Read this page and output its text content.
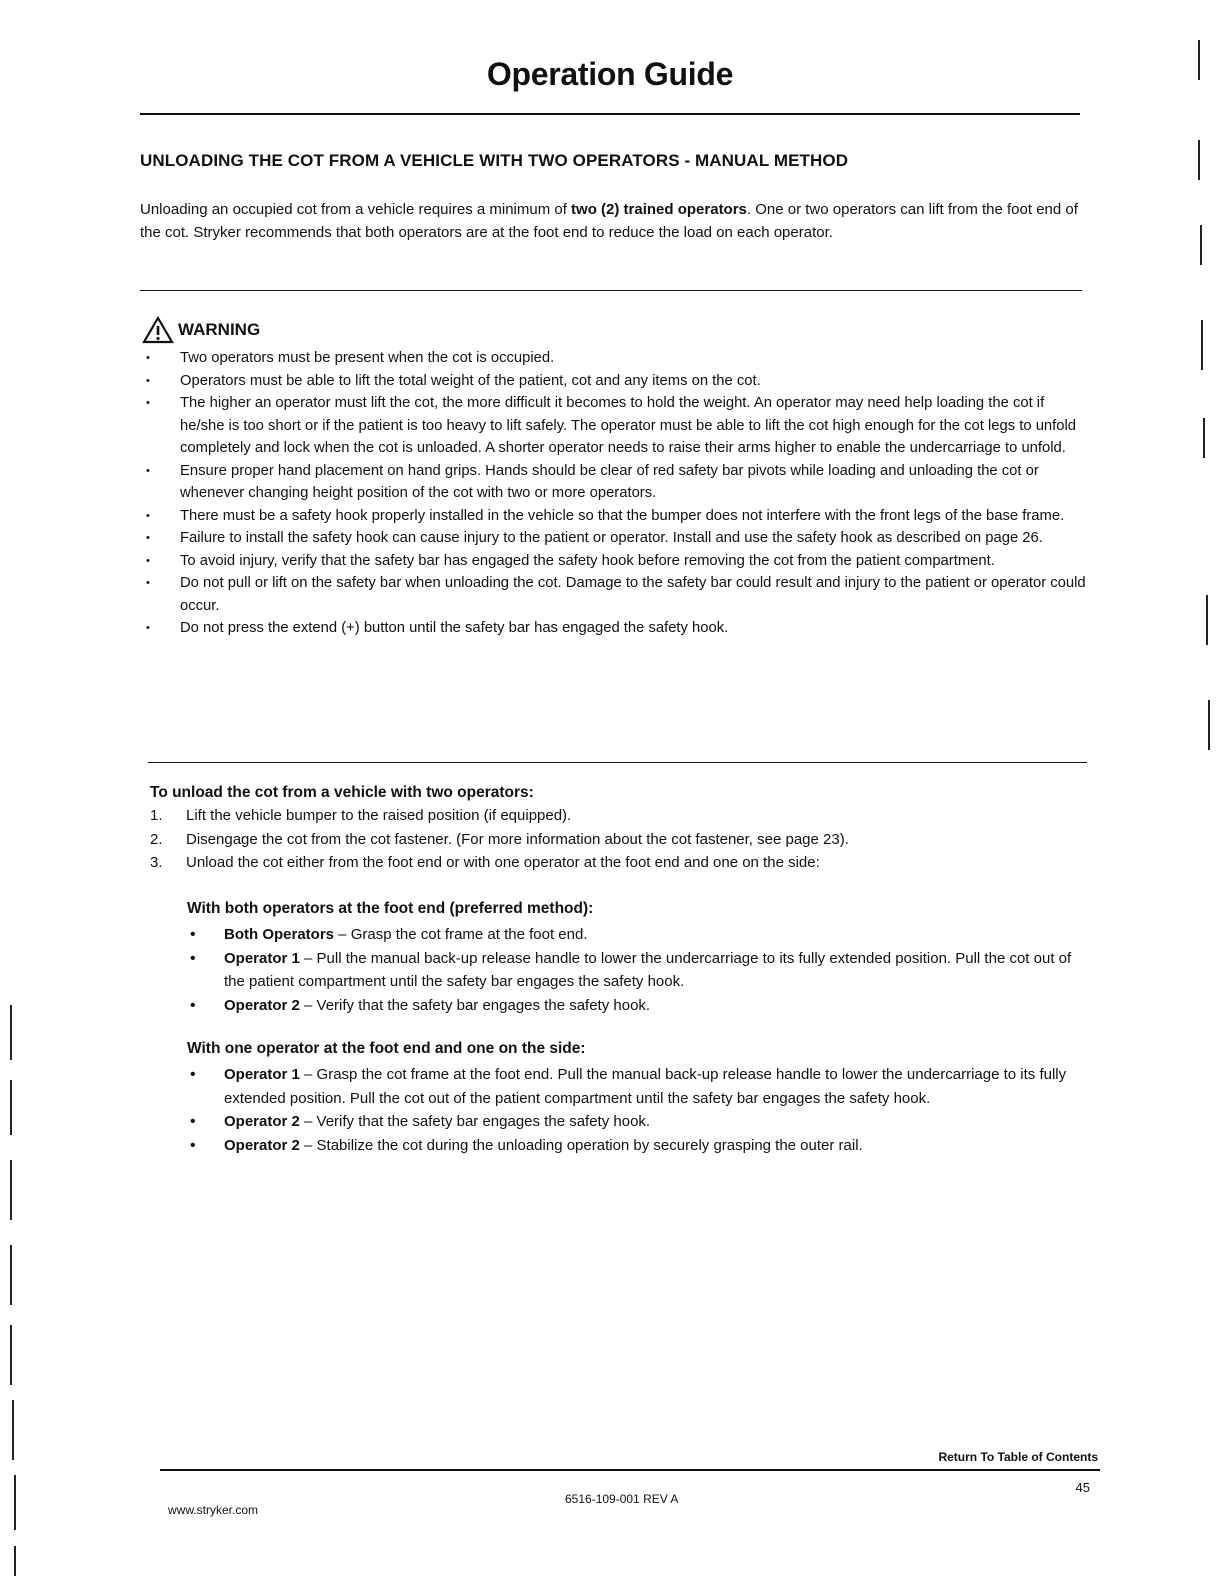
Operation Guide
UNLOADING THE COT FROM A VEHICLE WITH TWO OPERATORS - MANUAL METHOD
Unloading an occupied cot from a vehicle requires a minimum of two (2) trained operators. One or two operators can lift from the foot end of the cot. Stryker recommends that both operators are at the foot end to reduce the load on each operator.
WARNING
• Two operators must be present when the cot is occupied.
• Operators must be able to lift the total weight of the patient, cot and any items on the cot.
• The higher an operator must lift the cot, the more difficult it becomes to hold the weight. An operator may need help loading the cot if he/she is too short or if the patient is too heavy to lift safely. The operator must be able to lift the cot high enough for the cot legs to unfold completely and lock when the cot is unloaded. A shorter operator needs to raise their arms higher to enable the undercarriage to unfold.
• Ensure proper hand placement on hand grips. Hands should be clear of red safety bar pivots while loading and unloading the cot or whenever changing height position of the cot with two or more operators.
• There must be a safety hook properly installed in the vehicle so that the bumper does not interfere with the front legs of the base frame.
• Failure to install the safety hook can cause injury to the patient or operator. Install and use the safety hook as described on page 26.
• To avoid injury, verify that the safety bar has engaged the safety hook before removing the cot from the patient compartment.
• Do not pull or lift on the safety bar when unloading the cot. Damage to the safety bar could result and injury to the patient or operator could occur.
• Do not press the extend (+) button until the safety bar has engaged the safety hook.
To unload the cot from a vehicle with two operators:
1.	Lift the vehicle bumper to the raised position (if equipped).
2.	Disengage the cot from the cot fastener. (For more information about the cot fastener, see page 23).
3.	Unload the cot either from the foot end or with one operator at the foot end and one on the side:
With both operators at the foot end (preferred method):
• Both Operators – Grasp the cot frame at the foot end.
• Operator 1 – Pull the manual back-up release handle to lower the undercarriage to its fully extended position. Pull the cot out of the patient compartment until the safety bar engages the safety hook.
• Operator 2 – Verify that the safety bar engages the safety hook.
With one operator at the foot end and one on the side:
• Operator 1 – Grasp the cot frame at the foot end. Pull the manual back-up release handle to lower the undercarriage to its fully extended position. Pull the cot out of the patient compartment until the safety bar engages the safety hook.
• Operator 2 – Verify that the safety bar engages the safety hook.
• Operator 2 – Stabilize the cot during the unloading operation by securely grasping the outer rail.
Return To Table of Contents
45
www.stryker.com
6516-109-001 REV A
